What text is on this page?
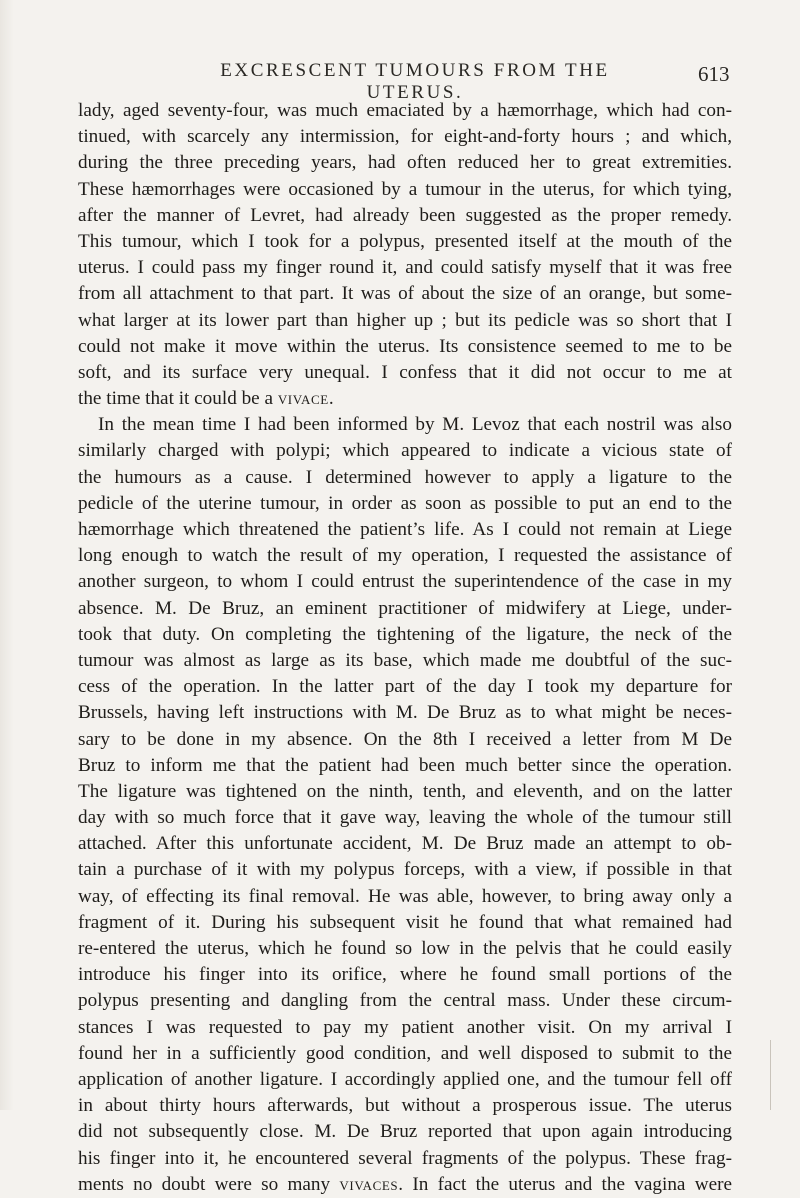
EXCRESCENT TUMOURS FROM THE UTERUS.
613
lady, aged seventy-four, was much emaciated by a hæmorrhage, which had con-
tinued, with scarcely any intermission, for eight-and-forty hours ; and which,
during the three preceding years, had often reduced her to great extremities.
These hæmorrhages were occasioned by a tumour in the uterus, for which tying,
after the manner of Levret, had already been suggested as the proper remedy.
This tumour, which I took for a polypus, presented itself at the mouth of the
uterus. I could pass my finger round it, and could satisfy myself that it was free
from all attachment to that part. It was of about the size of an orange, but some-
what larger at its lower part than higher up ; but its pedicle was so short that I
could not make it move within the uterus. Its consistence seemed to me to be
soft, and its surface very unequal. I confess that it did not occur to me at
the time that it could be a vivace.
In the mean time I had been informed by M. Levoz that each nostril was also
similarly charged with polypi; which appeared to indicate a vicious state of
the humours as a cause. I determined however to apply a ligature to the
pedicle of the uterine tumour, in order as soon as possible to put an end to the
hæmorrhage which threatened the patient’s life. As I could not remain at Liege
long enough to watch the result of my operation, I requested the assistance of
another surgeon, to whom I could entrust the superintendence of the case in my
absence. M. De Bruz, an eminent practitioner of midwifery at Liege, under-
took that duty. On completing the tightening of the ligature, the neck of the
tumour was almost as large as its base, which made me doubtful of the suc-
cess of the operation. In the latter part of the day I took my departure for
Brussels, having left instructions with M. De Bruz as to what might be neces-
sary to be done in my absence. On the 8th I received a letter from M De
Bruz to inform me that the patient had been much better since the operation.
The ligature was tightened on the ninth, tenth, and eleventh, and on the latter
day with so much force that it gave way, leaving the whole of the tumour still
attached. After this unfortunate accident, M. De Bruz made an attempt to ob-
tain a purchase of it with my polypus forceps, with a view, if possible in that
way, of effecting its final removal. He was able, however, to bring away only a
fragment of it. During his subsequent visit he found that what remained had
re-entered the uterus, which he found so low in the pelvis that he could easily
introduce his finger into its orifice, where he found small portions of the
polypus presenting and dangling from the central mass. Under these circum-
stances I was requested to pay my patient another visit. On my arrival I
found her in a sufficiently good condition, and well disposed to submit to the
application of another ligature. I accordingly applied one, and the tumour fell off
in about thirty hours afterwards, but without a prosperous issue. The uterus
did not subsequently close. M. De Bruz reported that upon again introducing
his finger into it, he encountered several fragments of the polypus. These frag-
ments no doubt were so many vivaces. In fact the uterus and the vagina were
